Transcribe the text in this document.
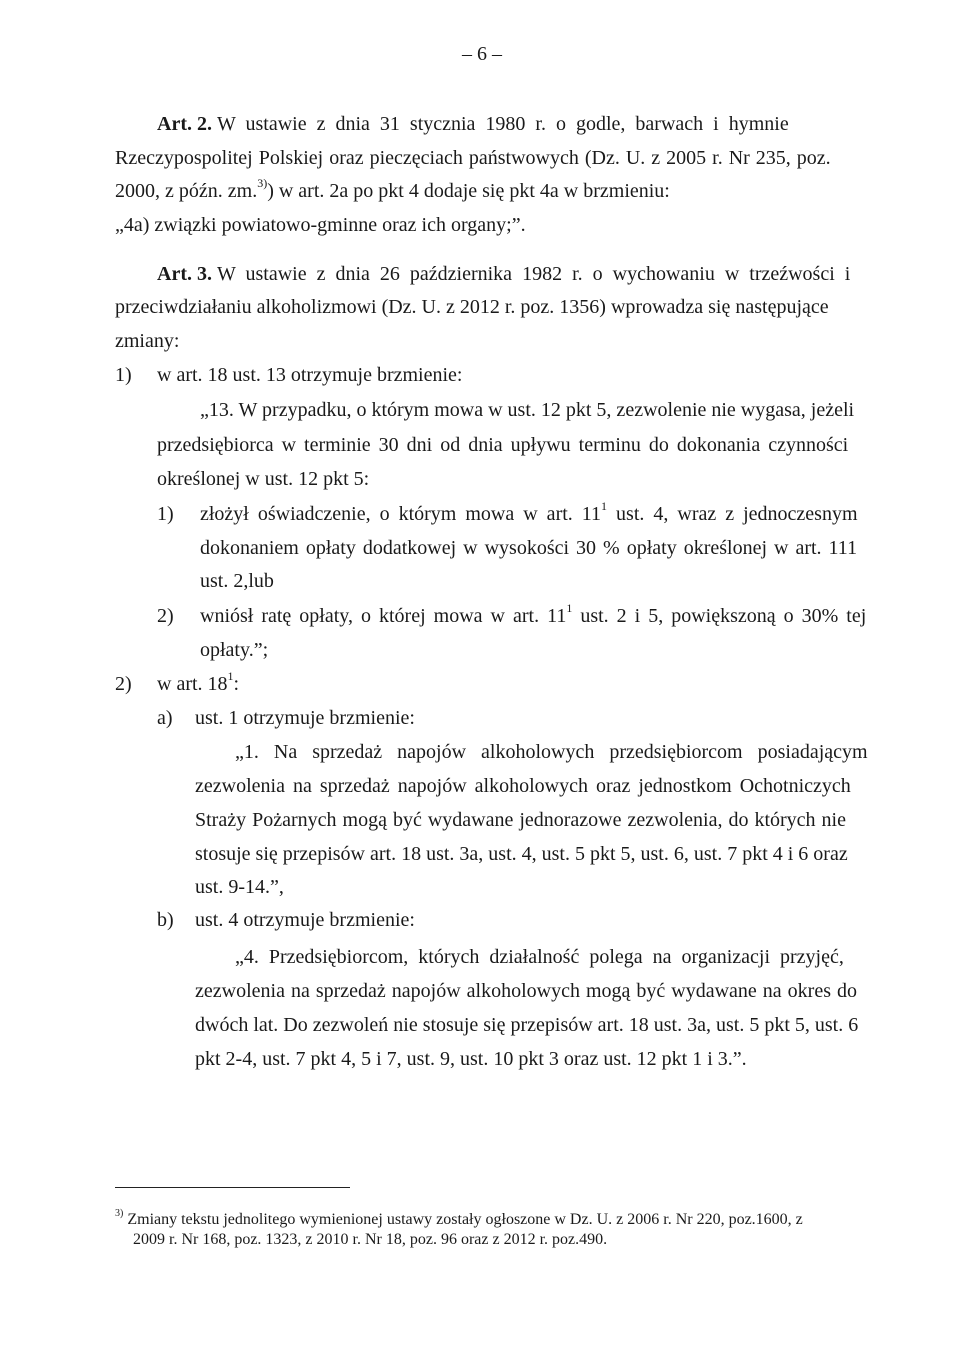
– 6 –
Art. 2. W ustawie z dnia 31 stycznia 1980 r. o godle, barwach i hymnie
Rzeczypospolitej Polskiej oraz pieczęciach państwowych (Dz. U. z 2005 r. Nr 235, poz.
2000, z późn. zm.$^{3)}$) w art. 2a po pkt 4 dodaje się pkt 4a w brzmieniu:
„4a) związki powiatowo-gminne oraz ich organy;”.
Art. 3. W ustawie z dnia 26 października 1982 r. o wychowaniu w trzeźwości i
przeciwdziałaniu alkoholizmowi (Dz. U. z 2012 r. poz. 1356) wprowadza się następujące
zmiany:
1) w art. 18 ust. 13 otrzymuje brzmienie:
„13. W przypadku, o którym mowa w ust. 12 pkt 5, zezwolenie nie wygasa, jeżeli
przedsiębiorca w terminie 30 dni od dnia upływu terminu do dokonania czynności
określonej w ust. 12 pkt 5:
1) złożył oświadczenie, o którym mowa w art. $11^1$ ust. 4, wraz z jednoczesnym
dokonaniem opłaty dodatkowej w wysokości 30 % opłaty określonej w art. 111
ust. 2,lub
2) wniósł ratę opłaty, o której mowa w art. $11^1$ ust. 2 i 5, powiększoną o 30% tej
opłaty.”;
2) w art. $18^1$:
a) ust. 1 otrzymuje brzmienie:
„1. Na sprzedaż napojów alkoholowych przedsiębiorcom posiadającym
zezwolenia na sprzedaż napojów alkoholowych oraz jednostkom Ochotniczych
Straży Pożarnych mogą być wydawane jednorazowe zezwolenia, do których nie
stosuje się przepisów art. 18 ust. 3a, ust. 4, ust. 5 pkt 5, ust. 6, ust. 7 pkt 4 i 6 oraz
ust. 9-14.”,
b) ust. 4 otrzymuje brzmienie:
„4. Przedsiębiorcom, których działalność polega na organizacji przyjęć,
zezwolenia na sprzedaż napojów alkoholowych mogą być wydawane na okres do
dwóch lat. Do zezwoleń nie stosuje się przepisów art. 18 ust. 3a, ust. 5 pkt 5, ust. 6
pkt 2-4, ust. 7 pkt 4, 5 i 7, ust. 9, ust. 10 pkt 3 oraz ust. 12 pkt 1 i 3.”.
$^{3)}$ Zmiany tekstu jednolitego wymienionej ustawy zostały ogłoszone w Dz. U. z 2006 r. Nr 220, poz.1600, z
2009 r. Nr 168, poz. 1323, z 2010 r. Nr 18, poz. 96 oraz z 2012 r. poz.490.
